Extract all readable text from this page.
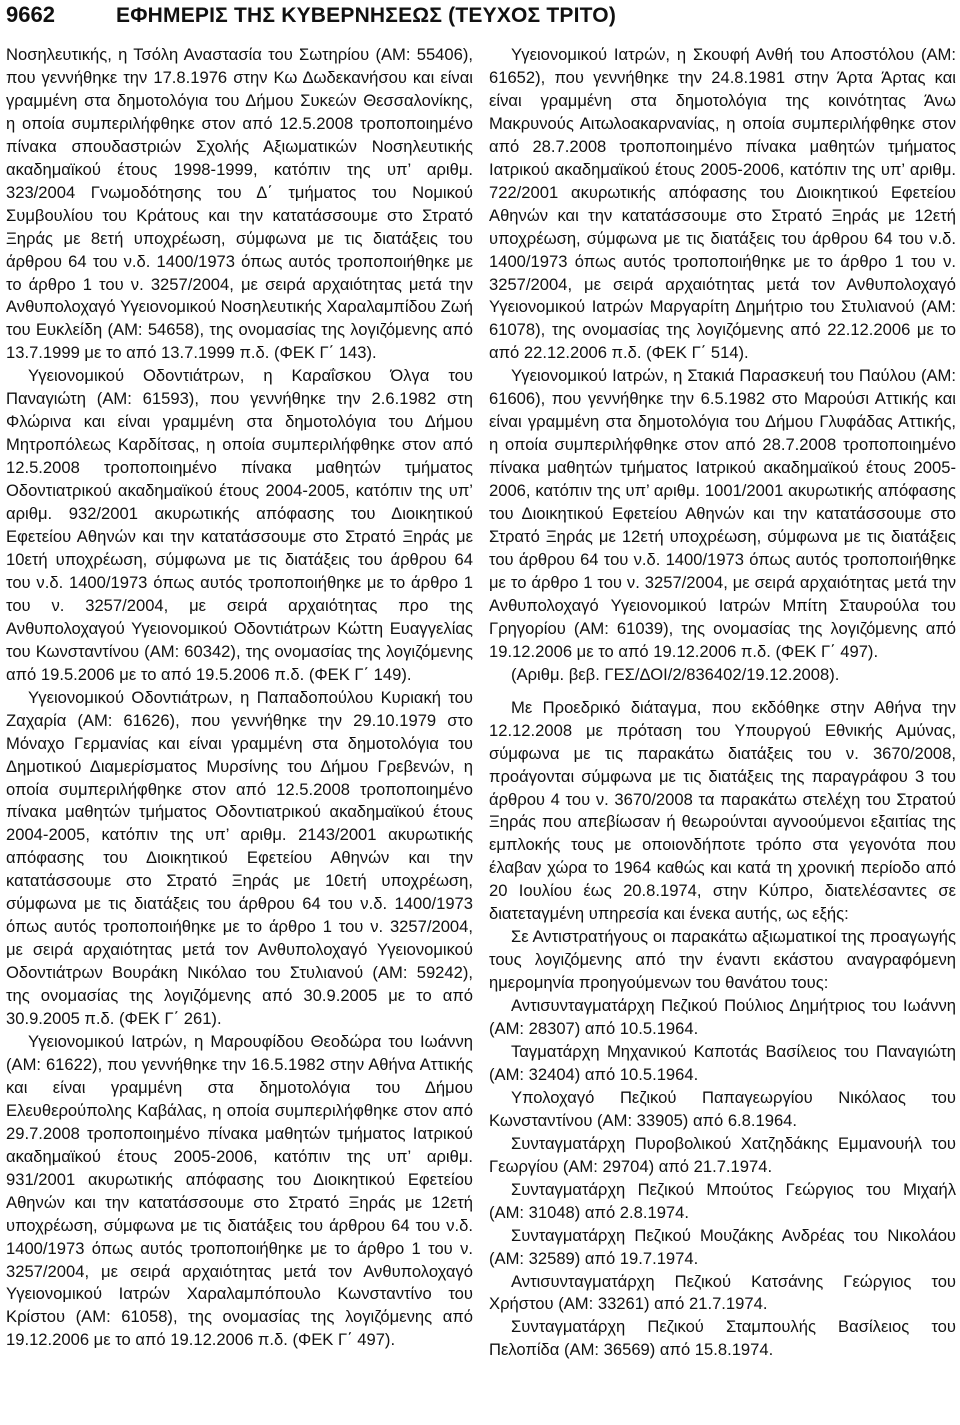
9662	ΕΦΗΜΕΡΙΣ ΤΗΣ ΚΥΒΕΡΝΗΣΕΩΣ (ΤΕΥΧΟΣ ΤΡΙΤΟ)

Νοσηλευτικής, η Τσόλη Αναστασία του Σωτηρίου (ΑΜ: 55406), που γεννήθηκε την 17.8.1976 στην Κω Δωδεκανήσου και είναι γραμμένη στα δημοτολόγια του Δήμου Συκεών Θεσσαλονίκης, η οποία συμπεριλήφθηκε στον από 12.5.2008 τροποποιημένο πίνακα σπουδαστριών Σχολής Αξιωματικών Νοσηλευτικής ακαδημαϊκού έτους 1998-1999, κατόπιν της υπ’ αριθμ. 323/2004 Γνωμοδότησης του Δ΄ τμήματος του Νομικού Συμβουλίου του Κράτους και την κατατάσσουμε στο Στρατό Ξηράς με 8ετή υποχρέωση, σύμφωνα με τις διατάξεις του άρθρου 64 του ν.δ. 1400/1973 όπως αυτός τροποποιήθηκε με το άρθρο 1 του ν. 3257/2004, με σειρά αρχαιότητας μετά την Ανθυπολοχαγό Υγειονομικού Νοσηλευτικής Χαραλαμπίδου Ζωή του Ευκλείδη (ΑΜ: 54658), της ονομασίας της λογιζόμενης από 13.7.1999 με το από 13.7.1999 π.δ. (ΦΕΚ Γ΄ 143).

Υγειονομικού Οδοντιάτρων, η Καραΐσκου Όλγα του Παναγιώτη (ΑΜ: 61593), που γεννήθηκε την 2.6.1982 στη Φλώρινα και είναι γραμμένη στα δημοτολόγια του Δήμου Μητροπόλεως Καρδίτσας, η οποία συμπεριλήφθηκε στον από 12.5.2008 τροποποιημένο πίνακα μαθητών τμήματος Οδοντιατρικού ακαδημαϊκού έτους 2004-2005, κατόπιν της υπ’ αριθμ. 932/2001 ακυρωτικής απόφασης του Διοικητικού Εφετείου Αθηνών και την κατατάσσουμε στο Στρατό Ξηράς με 10ετή υποχρέωση, σύμφωνα με τις διατάξεις του άρθρου 64 του ν.δ. 1400/1973 όπως αυτός τροποποιήθηκε με το άρθρο 1 του ν. 3257/2004, με σειρά αρχαιότητας προ της Ανθυπολοχαγού Υγειονομικού Οδοντιάτρων Κώττη Ευαγγελίας του Κωνσταντίνου (ΑΜ: 60342), της ονομασίας της λογιζόμενης από 19.5.2006 με το από 19.5.2006 π.δ. (ΦΕΚ Γ΄ 149).

Υγειονομικού Οδοντιάτρων, η Παπαδοπούλου Κυριακή του Ζαχαρία (ΑΜ: 61626), που γεννήθηκε την 29.10.1979 στο Μόναχο Γερμανίας και είναι γραμμένη στα δημοτολόγια του Δημοτικού Διαμερίσματος Μυρσίνης του Δήμου Γρεβενών, η οποία συμπεριλήφθηκε στον από 12.5.2008 τροποποιημένο πίνακα μαθητών τμήματος Οδοντιατρικού ακαδημαϊκού έτους 2004-2005, κατόπιν της υπ’ αριθμ. 2143/2001 ακυρωτικής απόφασης του Διοικητικού Εφετείου Αθηνών και την κατατάσσουμε στο Στρατό Ξηράς με 10ετή υποχρέωση, σύμφωνα με τις διατάξεις του άρθρου 64 του ν.δ. 1400/1973 όπως αυτός τροποποιήθηκε με το άρθρο 1 του ν. 3257/2004, με σειρά αρχαιότητας μετά τον Ανθυπολοχαγό Υγειονομικού Οδοντιάτρων Βουράκη Νικόλαο του Στυλιανού (ΑΜ: 59242), της ονομασίας της λογιζόμενης από 30.9.2005 με το από 30.9.2005 π.δ. (ΦΕΚ Γ΄ 261).

Υγειονομικού Ιατρών, η Μαρουφίδου Θεοδώρα του Ιωάννη (ΑΜ: 61622), που γεννήθηκε την 16.5.1982 στην Αθήνα Αττικής και είναι γραμμένη στα δημοτολόγια του Δήμου Ελευθερούπολης Καβάλας, η οποία συμπεριλήφθηκε στον από 29.7.2008 τροποποιημένο πίνακα μαθητών τμήματος Ιατρικού ακαδημαϊκού έτους 2005-2006, κατόπιν της υπ’ αριθμ. 931/2001 ακυρωτικής απόφασης του Διοικητικού Εφετείου Αθηνών και την κατατάσσουμε στο Στρατό Ξηράς με 12ετή υποχρέωση, σύμφωνα με τις διατάξεις του άρθρου 64 του ν.δ. 1400/1973 όπως αυτός τροποποιήθηκε με το άρθρο 1 του ν. 3257/2004, με σειρά αρχαιότητας μετά τον Ανθυπολοχαγό Υγειονομικού Ιατρών Χαραλαμπόπουλο Κωνσταντίνο του Κρίστου (ΑΜ: 61058), της ονομασίας της λογιζόμενης από 19.12.2006 με το από 19.12.2006 π.δ. (ΦΕΚ Γ΄ 497).

Υγειονομικού Ιατρών, η Σκουφή Ανθή του Αποστόλου (ΑΜ: 61652), που γεννήθηκε την 24.8.1981 στην Άρτα Άρτας και είναι γραμμένη στα δημοτολόγια της κοινότητας Άνω Μακρυνούς Αιτωλοακαρνανίας, η οποία συμπεριλήφθηκε στον από 28.7.2008 τροποποιημένο πίνακα μαθητών τμήματος Ιατρικού ακαδημαϊκού έτους 2005-2006, κατόπιν της υπ’ αριθμ. 722/2001 ακυρωτικής απόφασης του Διοικητικού Εφετείου Αθηνών και την κατατάσσουμε στο Στρατό Ξηράς με 12ετή υποχρέωση, σύμφωνα με τις διατάξεις του άρθρου 64 του ν.δ. 1400/1973 όπως αυτός τροποποιήθηκε με το άρθρο 1 του ν. 3257/2004, με σειρά αρχαιότητας μετά τον Ανθυπολοχαγό Υγειονομικού Ιατρών Μαργαρίτη Δημήτριο του Στυλιανού (ΑΜ: 61078), της ονομασίας της λογιζόμενης από 22.12.2006 με το από 22.12.2006 π.δ. (ΦΕΚ Γ΄ 514).

Υγειονομικού Ιατρών, η Στακιά Παρασκευή του Παύλου (ΑΜ: 61606), που γεννήθηκε την 6.5.1982 στο Μαρούσι Αττικής και είναι γραμμένη στα δημοτολόγια του Δήμου Γλυφάδας Αττικής, η οποία συμπεριλήφθηκε στον από 28.7.2008 τροποποιημένο πίνακα μαθητών τμήματος Ιατρικού ακαδημαϊκού έτους 2005-2006, κατόπιν της υπ’ αριθμ. 1001/2001 ακυρωτικής απόφασης του Διοικητικού Εφετείου Αθηνών και την κατατάσσουμε στο Στρατό Ξηράς με 12ετή υποχρέωση, σύμφωνα με τις διατάξεις του άρθρου 64 του ν.δ. 1400/1973 όπως αυτός τροποποιήθηκε με το άρθρο 1 του ν. 3257/2004, με σειρά αρχαιότητας μετά την Ανθυπολοχαγό Υγειονομικού Ιατρών Μπίτη Σταυρούλα του Γρηγορίου (ΑΜ: 61039), της ονομασίας της λογιζόμενης από 19.12.2006 με το από 19.12.2006 π.δ. (ΦΕΚ Γ΄ 497).

(Αριθμ. βεβ. ΓΕΣ/ΔΟΙ/2/836402/19.12.2008).

Με Προεδρικό διάταγμα, που εκδόθηκε στην Αθήνα την 12.12.2008 με πρόταση του Υπουργού Εθνικής Αμύνας, σύμφωνα με τις παρακάτω διατάξεις του ν. 3670/2008, προάγονται σύμφωνα με τις διατάξεις της παραγράφου 3 του άρθρου 4 του ν. 3670/2008 τα παρακάτω στελέχη του Στρατού Ξηράς που απεβίωσαν ή θεωρούνται αγνοούμενοι εξαιτίας της εμπλοκής τους με οποιονδήποτε τρόπο στα γεγονότα που έλαβαν χώρα το 1964 καθώς και κατά τη χρονική περίοδο από 20 Ιουλίου έως 20.8.1974, στην Κύπρο, διατελέσαντες σε διατεταγμένη υπηρεσία και ένεκα αυτής, ως εξής:

Σε Αντιστρατήγους οι παρακάτω αξιωματικοί της προαγωγής τους λογιζόμενης από την έναντι εκάστου αναγραφόμενη ημερομηνία προηγούμενων του θανάτου τους:

Αντισυνταγματάρχη Πεζικού Πούλιος Δημήτριος του Ιωάννη (ΑΜ: 28307) από 10.5.1964.

Ταγματάρχη Μηχανικού Καποτάς Βασίλειος του Παναγιώτη (ΑΜ: 32404) από 10.5.1964.

Υπολοχαγό Πεζικού Παπαγεωργίου Νικόλαος του Κωνσταντίνου (ΑΜ: 33905) από 6.8.1964.

Συνταγματάρχη Πυροβολικού Χατζηδάκης Εμμανουήλ του Γεωργίου (ΑΜ: 29704) από 21.7.1974.

Συνταγματάρχη Πεζικού Μπούτος Γεώργιος του Μιχαήλ (ΑΜ: 31048) από 2.8.1974.

Συνταγματάρχη Πεζικού Μουζάκης Ανδρέας του Νικολάου (ΑΜ: 32589) από 19.7.1974.

Αντισυνταγματάρχη Πεζικού Κατσάνης Γεώργιος του Χρήστου (ΑΜ: 33261) από 21.7.1974.

Συνταγματάρχη Πεζικού Σταμπουλής Βασίλειος του Πελοπίδα (ΑΜ: 36569) από 15.8.1974.
